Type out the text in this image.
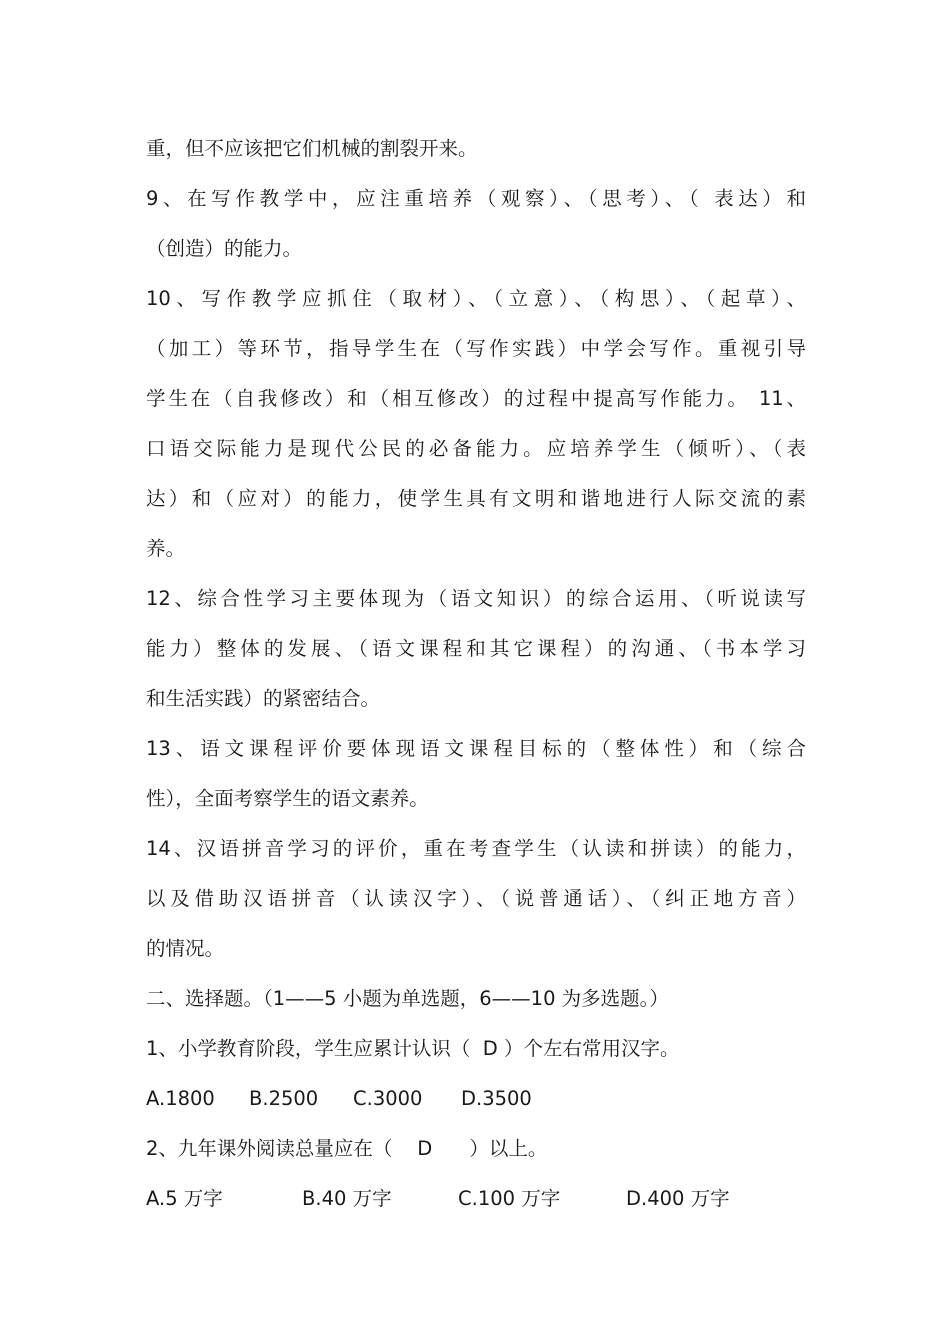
重，但不应该把它们机械的割裂开来。
9、在写作教学中，应注重培养（观察）、（思考）、（ 表达）和
（创造）的能力。
10、写作教学应抓住（取材）、（立意）、（构思）、（起草）、
（加工）等环节，指导学生在（写作实践）中学会写作。重视引导
学生在（自我修改）和（相互修改）的过程中提高写作能力。 11、
口语交际能力是现代公民的必备能力。应培养学生（倾听）、（表
达）和（应对）的能力，使学生具有文明和谐地进行人际交流的素
养。
12、综合性学习主要体现为（语文知识）的综合运用、（听说读写
能力）整体的发展、（语文课程和其它课程）的沟通、（书本学习
和生活实践）的紧密结合。
13、语文课程评价要体现语文课程目标的（整体性）和（综合
性），全面考察学生的语文素养。
14、汉语拼音学习的评价，重在考查学生（认读和拼读）的能力，
以及借助汉语拼音（认读汉字）、（说普通话）、（纠正地方音）
的情况。
二、选择题。（1——5 小题为单选题，6——10 为多选题。）
1、小学教育阶段，学生应累计认识（  D ）个左右常用汉字。
A.1800	B.2500	C.3000	D.3500
2、九年课外阅读总量应在（    D      ）以上。
A.5 万字	B.40 万字	C.100 万字	D.400 万字
